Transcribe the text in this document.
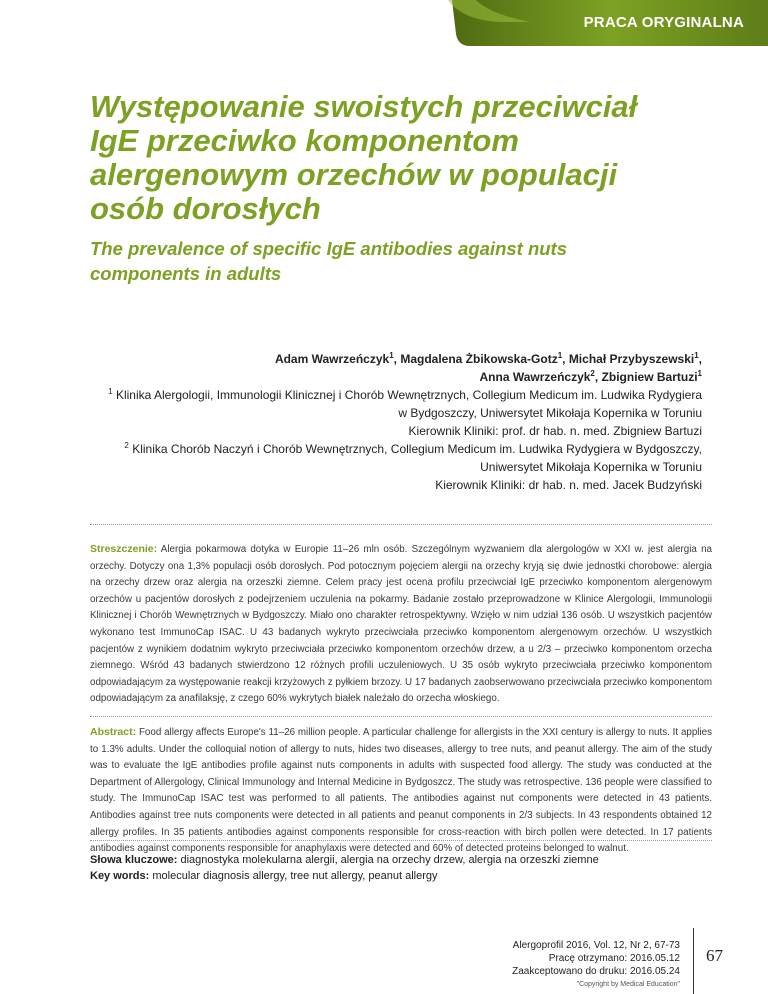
PRACA ORYGINALNA
Występowanie swoistych przeciwciał
IgE przeciwko komponentom
alergenowym orzechów w populacji
osób dorosłych
The prevalence of specific IgE antibodies against nuts
components in adults
Adam Wawrzeńczyk$^1$, Magdalena Żbikowska-Gotz$^1$, Michał Przybyszewski$^1$,
Anna Wawrzeńczyk$^2$, Zbigniew Bartuzi$^1$
$^1$ Klinika Alergologii, Immunologii Klinicznej i Chorób Wewnętrznych, Collegium Medicum im. Ludwika Rydygiera
w Bydgoszczy, Uniwersytet Mikołaja Kopernika w Toruniu
Kierownik Kliniki: prof. dr hab. n. med. Zbigniew Bartuzi
$^2$ Klinika Chorób Naczyń i Chorób Wewnętrznych, Collegium Medicum im. Ludwika Rydygiera w Bydgoszczy,
Uniwersytet Mikołaja Kopernika w Toruniu
Kierownik Kliniki: dr hab. n. med. Jacek Budzyński
Streszczenie: Alergia pokarmowa dotyka w Europie 11–26 mln osób. Szczególnym wyzwaniem dla alergologów w XXI w. jest alergia na orzechy. Dotyczy ona 1,3% populacji osób dorosłych. Pod potocznym pojęciem alergii na orzechy kryją się dwie jednostki chorobowe: alergia na orzechy drzew oraz alergia na orzeszki ziemne. Celem pracy jest ocena profilu przeciwciał IgE przeciwko komponentom alergenowym orzechów u pacjentów dorosłych z podejrzeniem uczulenia na pokarmy. Badanie zostało przeprowadzone w Klinice Alergologii, Immunologii Klinicznej i Chorób Wewnętrznych w Bydgoszczy. Miało ono charakter retrospektywny. Wzięło w nim udział 136 osób. U wszystkich pacjentów wykonano test ImmunoCap ISAC. U 43 badanych wykryto przeciwciała przeciwko komponentom alergenowym orzechów. U wszystkich pacjentów z wynikiem dodatnim wykryto przeciwciała przeciwko komponentom orzechów drzew, a u 2/3 – przeciwko komponentom orzecha ziemnego. Wśród 43 badanych stwierdzono 12 różnych profili uczuleniowych. U 35 osób wykryto przeciwciała przeciwko komponentom odpowiadającym za występowanie reakcji krzyżowych z pyłkiem brzozy. U 17 badanych zaobserwowano przeciwciała przeciwko komponentom odpowiadającym za anafilaksję, z czego 60% wykrytych białek należało do orzecha włoskiego.
Abstract: Food allergy affects Europe's 11–26 million people. A particular challenge for allergists in the XXI century is allergy to nuts. It applies to 1.3% adults. Under the colloquial notion of allergy to nuts, hides two diseases, allergy to tree nuts, and peanut allergy. The aim of the study was to evaluate the IgE antibodies profile against nuts components in adults with suspected food allergy. The study was conducted at the Department of Allergology, Clinical Immunology and Internal Medicine in Bydgoszcz. The study was retrospective. 136 people were classified to study. The ImmunoCap ISAC test was performed to all patients. The antibodies against nut components were detected in 43 patients. Antibodies against tree nuts components were detected in all patients and peanut components in 2/3 subjects. In 43 respondents obtained 12 allergy profiles. In 35 patients antibodies against components responsible for cross-reaction with birch pollen were detected. In 17 patients antibodies against components responsible for anaphylaxis were detected and 60% of detected proteins belonged to walnut.
Słowa kluczowe: diagnostyka molekularna alergii, alergia na orzechy drzew, alergia na orzeszki ziemne
Key words: molecular diagnosis allergy, tree nut allergy, peanut allergy
Alergoprofil 2016, Vol. 12, Nr 2, 67-73
Pracę otrzymano: 2016.05.12
Zaakceptowano do druku: 2016.05.24
"Copyright by Medical Education"
67
